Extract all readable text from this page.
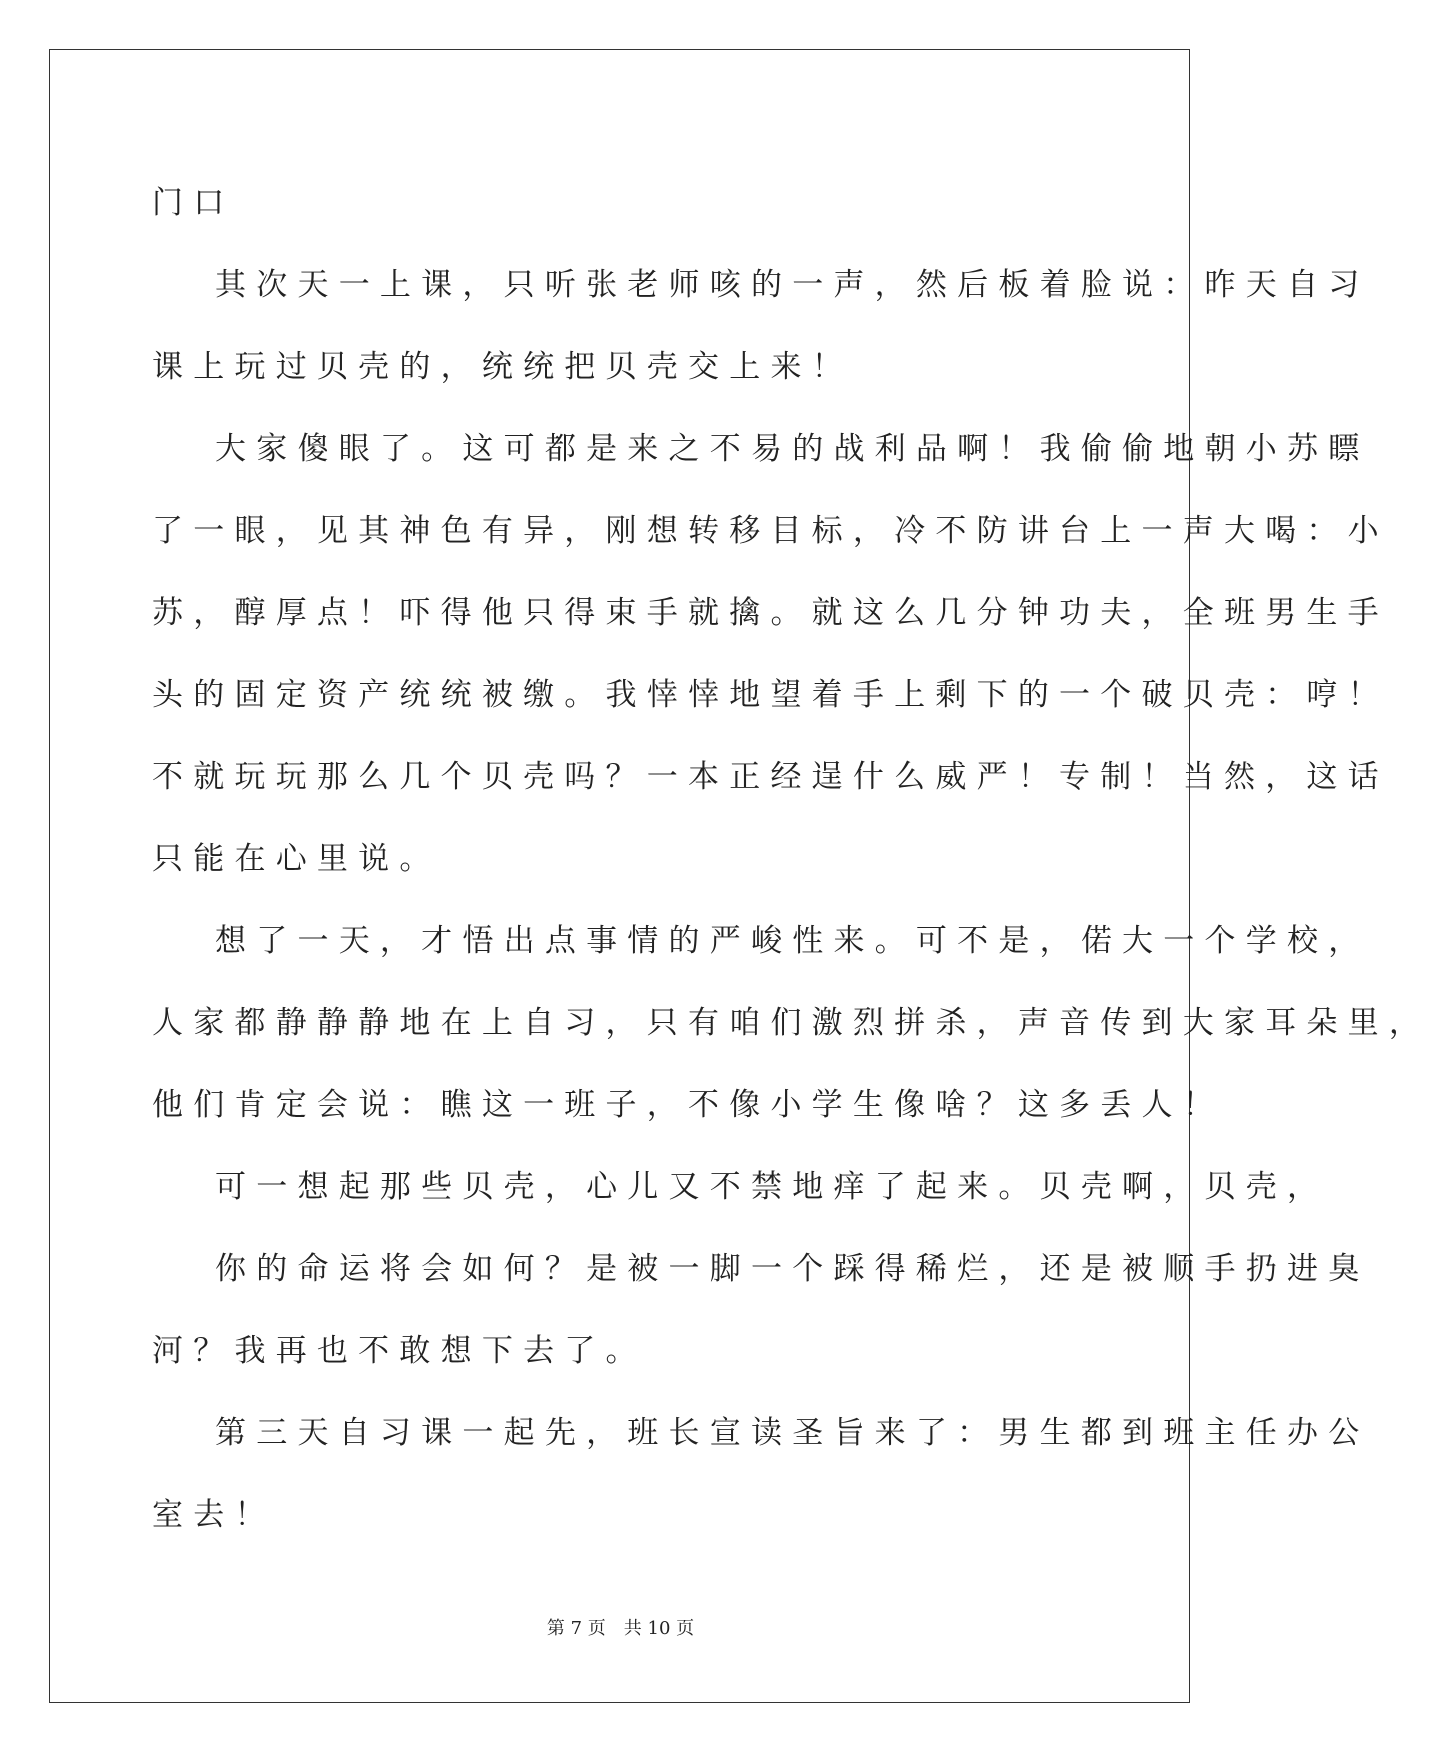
门口
其次天一上课，只听张老师咳的一声，然后板着脸说：昨天自习
课上玩过贝壳的，统统把贝壳交上来！
大家傻眼了。这可都是来之不易的战利品啊！我偷偷地朝小苏瞟
了一眼，见其神色有异，刚想转移目标，冷不防讲台上一声大喝：小
苏，醇厚点！吓得他只得束手就擒。就这么几分钟功夫，全班男生手
头的固定资产统统被缴。我悻悻地望着手上剩下的一个破贝壳：哼！
不就玩玩那么几个贝壳吗？一本正经逞什么威严！专制！当然，这话
只能在心里说。
想了一天，才悟出点事情的严峻性来。可不是，偌大一个学校，
人家都静静静地在上自习，只有咱们激烈拼杀，声音传到大家耳朵里，
他们肯定会说：瞧这一班子，不像小学生像啥？这多丢人！
可一想起那些贝壳，心儿又不禁地痒了起来。贝壳啊，贝壳，
你的命运将会如何？是被一脚一个踩得稀烂，还是被顺手扔进臭
河？我再也不敢想下去了。
第三天自习课一起先，班长宣读圣旨来了：男生都到班主任办公
室去！
第 7 页　共 10 页
